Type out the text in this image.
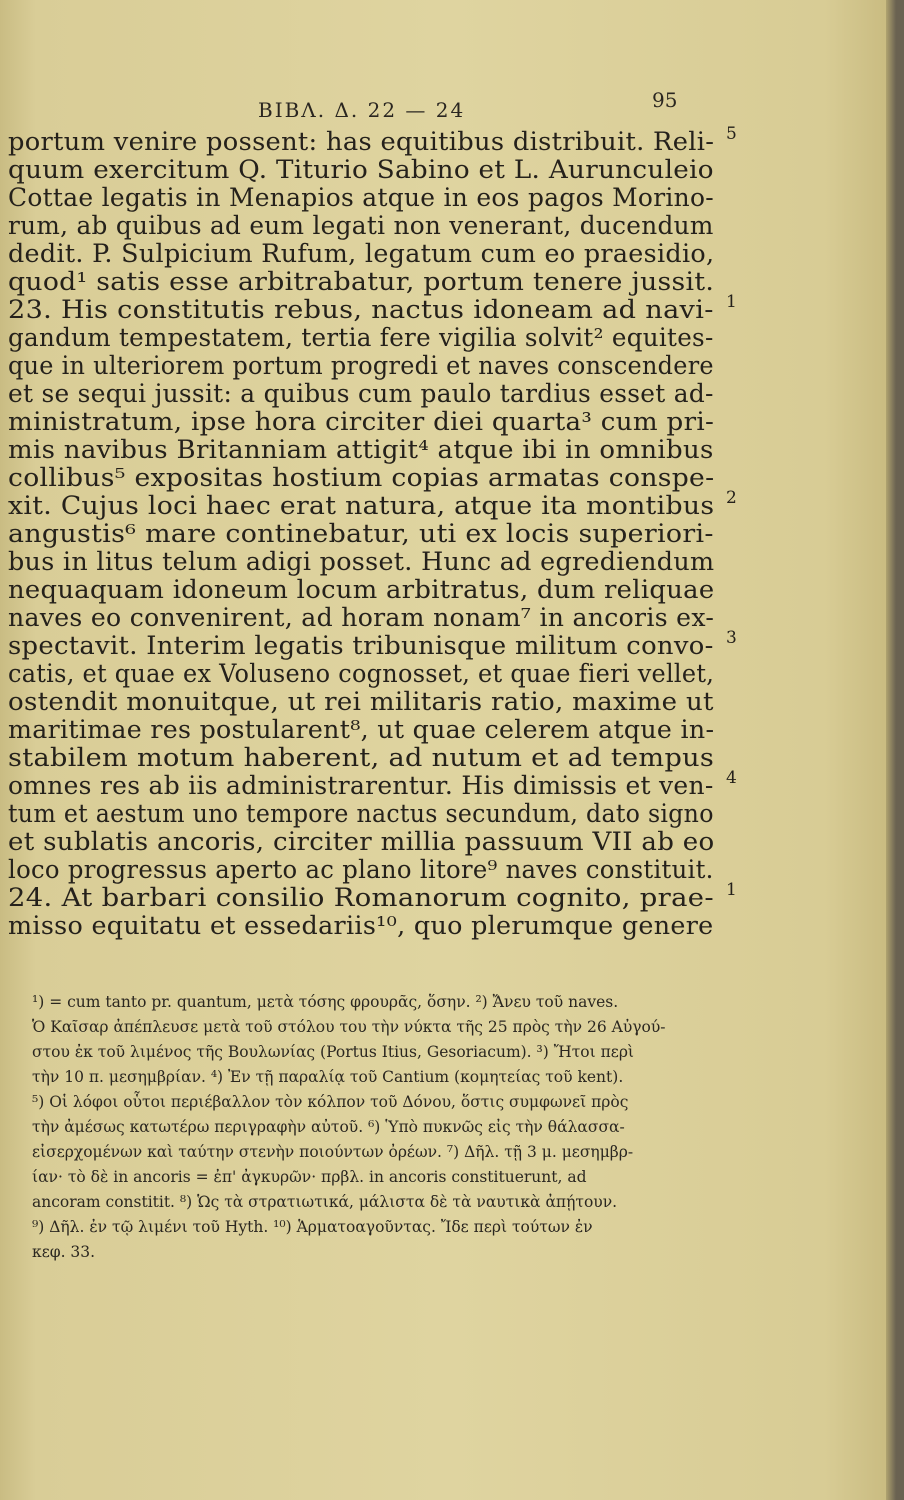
ΒΙΒΛ. Δ. 22 — 24	95
portum venire possent: has equitibus distribuit. Reli- 5
quum exercitum Q. Titurio Sabino et L. Aurunculeio
Cottae legatis in Menapios atque in eos pagos Morino-
rum, ab quibus ad eum legati non venerant, ducendum
dedit. P. Sulpicium Rufum, legatum cum eo praesidio,
quod¹ satis esse arbitrabatur, portum tenere jussit.
23. His constitutis rebus, nactus idoneam ad navi- 1
gandum tempestatem, tertia fere vigilia solvit² equites-
que in ulteriorem portum progredi et naves conscendere
et se sequi jussit: a quibus cum paulo tardius esset ad-
ministratum, ipse hora circiter diei quarta³ cum pri-
mis navibus Britanniam attigit⁴ atque ibi in omnibus
collibus⁵ expositas hostium copias armatas conspe-
xit. Cujus loci haec erat natura, atque ita montibus 2
angustis⁶ mare continebatur, uti ex locis superiori-
bus in litus telum adigi posset. Hunc ad egrediendum
nequaquam idoneum locum arbitratus, dum reliquae
naves eo convenirent, ad horam nonam⁷ in ancoris ex-
spectavit. Interim legatis tribunisque militum convo- 3
catis, et quae ex Voluseno cognosset, et quae fieri vellet,
ostendit monuitque, ut rei militaris ratio, maxime ut
maritimae res postularent⁸, ut quae celerem atque in-
stabilem motum haberent, ad nutum et ad tempus
omnes res ab iis administrarentur. His dimissis et ven- 4
tum et aestum uno tempore nactus secundum, dato signo
et sublatis ancoris, circiter millia passuum VII ab eo
loco progressus aperto ac plano litore⁹ naves constituit.
24. At barbari consilio Romanorum cognito, prae- 1
misso equitatu et essedariis¹⁰, quo plerumque genere
¹) = cum tanto pr. quantum, μετὰ τόσης φρουρᾶς, ὅσην. ²) Ἄνευ τοῦ naves.
Ὁ Καῖσαρ ἀπέπλευσε μετὰ τοῦ στόλου του τὴν νύκτα τῆς 25 πρὸς τὴν 26 Αὐγού-
στου ἐκ τοῦ λιμένος τῆς Βουλωνίας (Portus Itius, Gesoriacum). ³) Ἤτοι περὶ
τὴν 10 π. μεσημβρίαν. ⁴) Ἐν τῇ παραλίᾳ τοῦ Cantium (κομητείας τοῦ kent).
⁵) Οἱ λόφοι οὗτοι περιέβαλλον τὸν κόλπον τοῦ Δόνου, ὅστις συμφωνεῖ πρὸς
τὴν ἀμέσως κατωτέρω περιγραφὴν αὐτοῦ. ⁶) Ὑπὸ πυκνῶς εἰς τὴν θάλασσα-
εἰσερχομένων καὶ ταύτην στενὴν ποιούντων ὀρέων. ⁷) Δῆλ. τῇ 3 μ. μεσημβρ-
ίαν· τὸ δὲ in ancoris = ἐπ' ἀγκυρῶν· πρβλ. in ancoris constituerunt, ad
ancoram constitit. ⁸) Ὡς τὰ στρατιωτικά, μάλιστα δὲ τὰ ναυτικὰ ἀπῄτουν.
⁹) Δῆλ. ἐν τῷ λιμένι τοῦ Hyth. ¹⁰) Ἁρματοαγοῦντας. Ἴδε περὶ τούτων ἐν
κεφ. 33.
